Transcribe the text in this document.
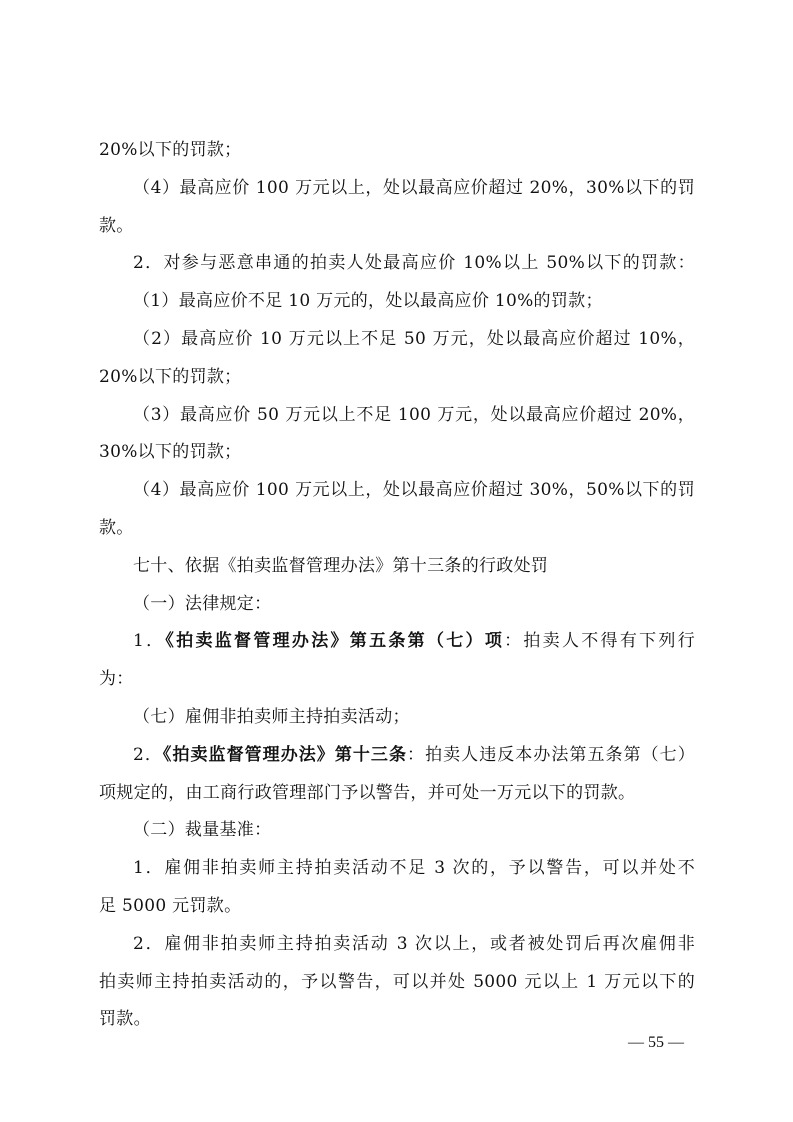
20%以下的罚款；
（4）最高应价 100 万元以上，处以最高应价超过 20%，30%以下的罚
款。
2．对参与恶意串通的拍卖人处最高应价 10%以上 50%以下的罚款：
（1）最高应价不足 10 万元的，处以最高应价 10%的罚款；
（2）最高应价 10 万元以上不足 50 万元，处以最高应价超过 10%，
20%以下的罚款；
（3）最高应价 50 万元以上不足 100 万元，处以最高应价超过 20%，
30%以下的罚款；
（4）最高应价 100 万元以上，处以最高应价超过 30%，50%以下的罚
款。
七十、依据《拍卖监督管理办法》第十三条的行政处罚
（一）法律规定：
1．《拍卖监督管理办法》第五条第（七）项：拍卖人不得有下列行
为：
（七）雇佣非拍卖师主持拍卖活动；
2．《拍卖监督管理办法》第十三条：拍卖人违反本办法第五条第（七）
项规定的，由工商行政管理部门予以警告，并可处一万元以下的罚款。
（二）裁量基准：
1．雇佣非拍卖师主持拍卖活动不足 3 次的，予以警告，可以并处不
足 5000 元罚款。
2．雇佣非拍卖师主持拍卖活动 3 次以上，或者被处罚后再次雇佣非
拍卖师主持拍卖活动的，予以警告，可以并处 5000 元以上 1 万元以下的
罚款。
— 55 —
